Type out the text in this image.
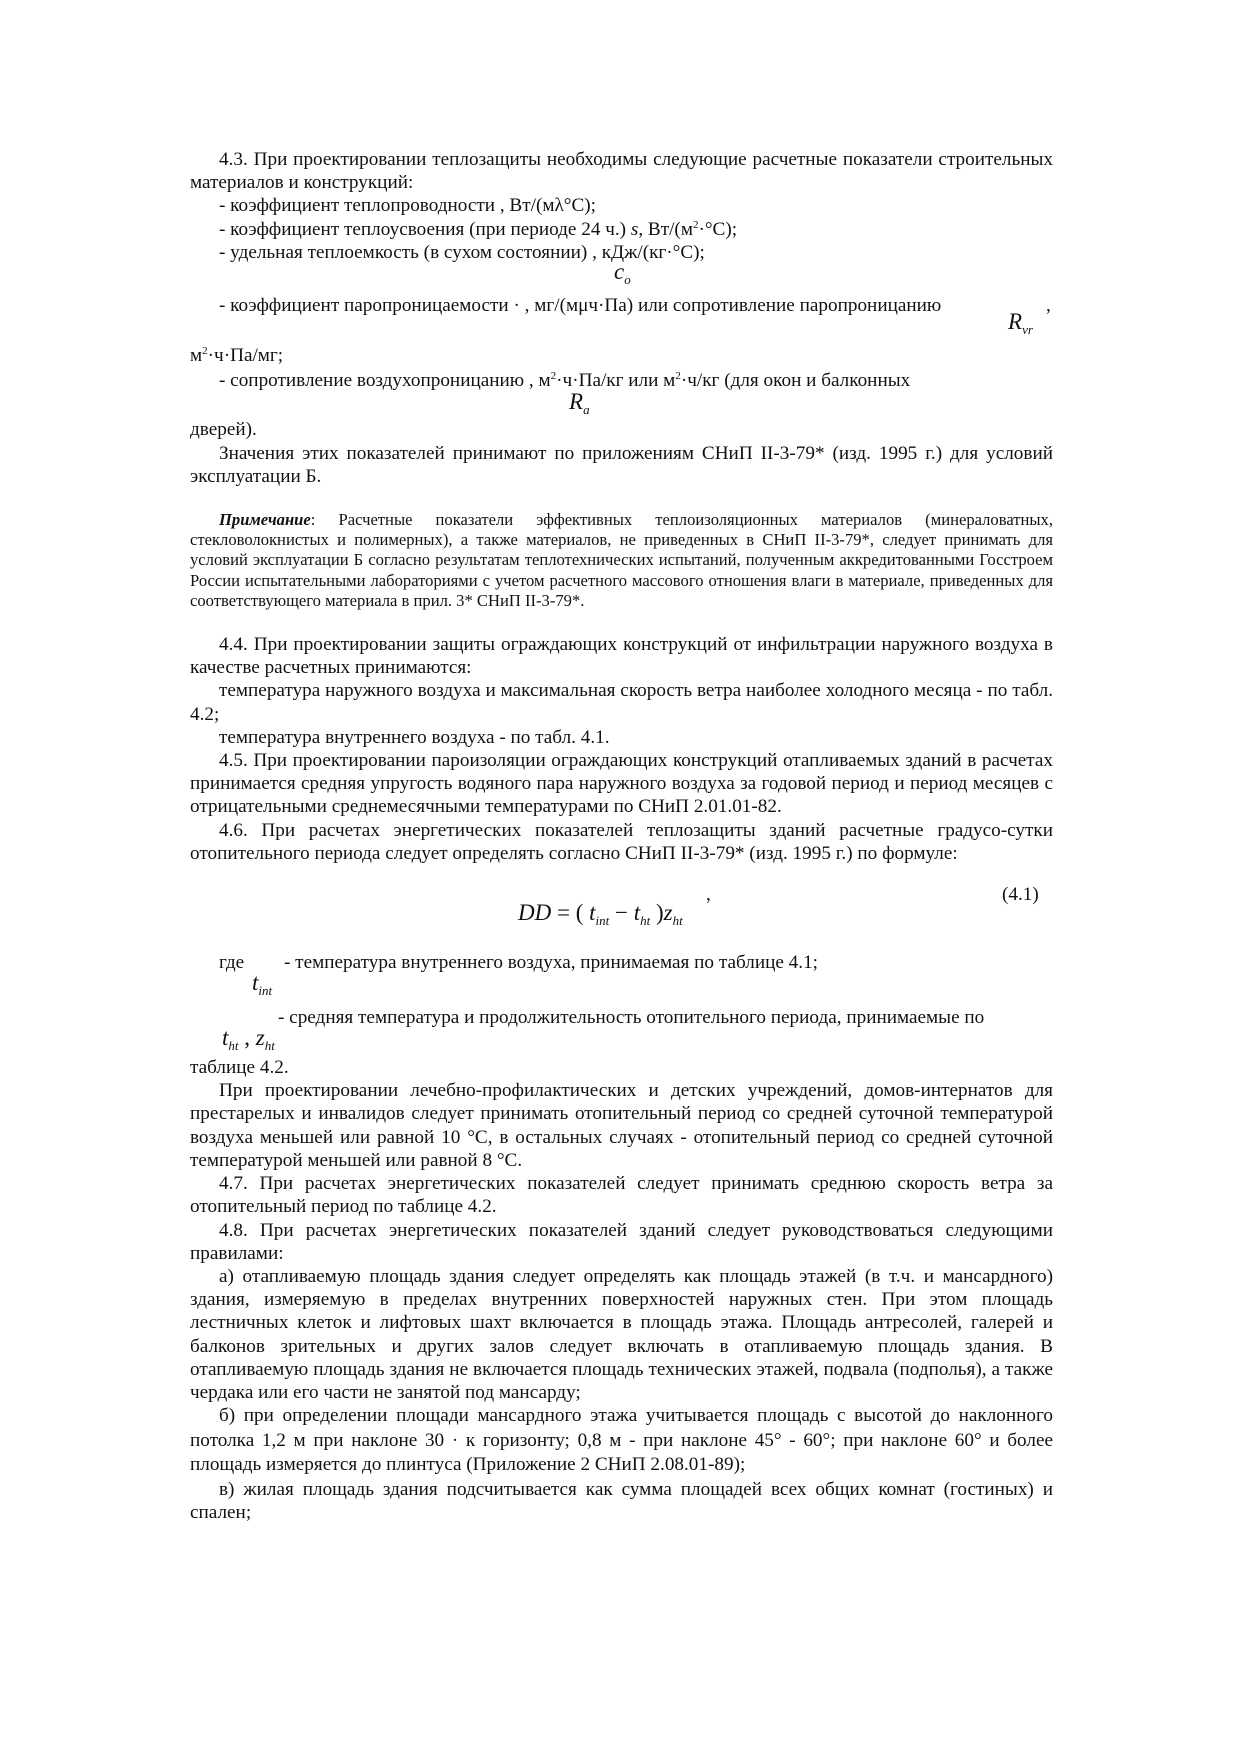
4.3. При проектировании теплозащиты необходимы следующие расчетные показатели строительных материалов и конструкций:

- коэффициент теплопроводности , Вт/(мλ°С);

- коэффициент теплоусвоения (при периоде 24 ч.) s, $Вт/(м^2\cdot^\circ С)$;

- удельная теплоемкость (в сухом состоянии) , кДж/(кг·°С);

$c_o$
- коэффициент паропроницаемости · , мг/(мμч·Па) или сопротивление паропроницанию	,
$R_{vr}$

$м^2\cdot ч\cdot Па/мг$;

- сопротивление воздухопроницанию , $м^2\cdot ч\cdot Па/кг$ или $м^2\cdot ч/кг$ (для окон и балконных

$R_a$

дверей).

Значения этих показателей принимают по приложениям СНиП II-3-79* (изд. 1995 г.) для условий эксплуатации Б.

Примечание: Расчетные показатели эффективных теплоизоляционных материалов (минераловатных, стекловолокнистых и полимерных), а также материалов, не приведенных в СНиП II-3-79*, следует принимать для условий эксплуатации Б согласно результатам теплотехнических испытаний, полученным аккредитованными Госстроем России испытательными лабораториями с учетом расчетного массового отношения влаги в материале, приведенных для соответствующего материала в прил. 3* СНиП II-3-79*.

4.4. При проектировании защиты ограждающих конструкций от инфильтрации наружного воздуха в качестве расчетных принимаются:

температура наружного воздуха и максимальная скорость ветра наиболее холодного месяца - по табл. 4.2;

температура внутреннего воздуха - по табл. 4.1.

4.5. При проектировании пароизоляции ограждающих конструкций отапливаемых зданий в расчетах принимается средняя упругость водяного пара наружного воздуха за годовой период и период месяцев с отрицательными среднемесячными температурами по СНиП 2.01.01-82.

4.6. При расчетах энергетических показателей теплозащиты зданий расчетные градусо-сутки отопительного периода следует определять согласно СНиП II-3-79* (изд. 1995 г.) по формуле:

,	(4.1)
DD = ( $t_{int} - t_{ht}$ )$z_{ht}$
где - температура внутреннего воздуха, принимаемая по таблице 4.1;
$t_{int}$
- средняя температура и продолжительность отопительного периода, принимаемые по
$t_{ht}$ , $z_{ht}$

таблице 4.2.

При проектировании лечебно-профилактических и детских учреждений, домов-интернатов для престарелых и инвалидов следует принимать отопительный период со средней суточной температурой воздуха меньшей или равной 10 °С, в остальных случаях - отопительный период со средней суточной температурой меньшей или равной 8 °С.

4.7. При расчетах энергетических показателей следует принимать среднюю скорость ветра за отопительный период по таблице 4.2.

4.8. При расчетах энергетических показателей зданий следует руководствоваться следующими правилами:

а) отапливаемую площадь здания следует определять как площадь этажей (в т.ч. и мансардного) здания, измеряемую в пределах внутренних поверхностей наружных стен. При этом площадь лестничных клеток и лифтовых шахт включается в площадь этажа. Площадь антресолей, галерей и балконов зрительных и других залов следует включать в отапливаемую площадь здания. В отапливаемую площадь здания не включается площадь технических этажей, подвала (подполья), а также чердака или его части не занятой под мансарду;

б) при определении площади мансардного этажа учитывается площадь с высотой до наклонного потолка 1,2 м при наклоне 30 · к горизонту; 0,8 м - при наклоне 45° - 60°; при наклоне 60° и более площадь измеряется до плинтуса (Приложение 2 СНиП 2.08.01-89);

в) жилая площадь здания подсчитывается как сумма площадей всех общих комнат (гостиных) и спален;
